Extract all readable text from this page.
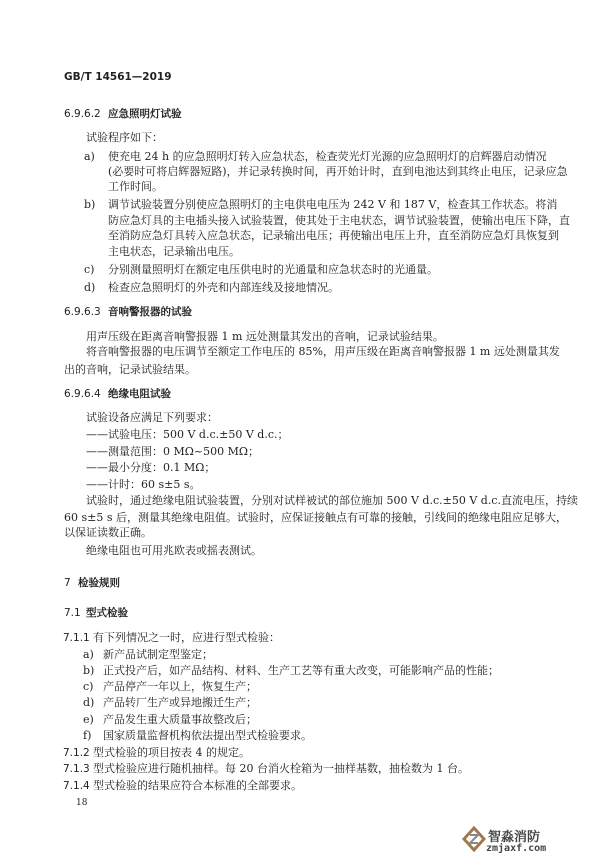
GB/T 14561—2019
6.9.6.2 应急照明灯试验
试验程序如下：
a) 使充电 24 h 的应急照明灯转入应急状态，检查荧光灯光源的应急照明灯的启辉器启动情况
(必要时可将启辉器短路)，并记录转换时间，再开始计时，直到电池达到其终止电压，记录应急
工作时间。
b) 调节试验装置分别使应急照明灯的主电供电电压为 242 V 和 187 V，检查其工作状态。将消
防应急灯具的主电插头接入试验装置，使其处于主电状态，调节试验装置，使输出电压下降，直
至消防应急灯具转入应急状态，记录输出电压；再使输出电压上升，直至消防应急灯具恢复到
主电状态，记录输出电压。
c) 分别测量照明灯在额定电压供电时的光通量和应急状态时的光通量。
d) 检查应急照明灯的外壳和内部连线及接地情况。
6.9.6.3 音响警报器的试验
用声压级在距离音响警报器 1 m 远处测量其发出的音响，记录试验结果。
将音响警报器的电压调节至额定工作电压的 85%，用声压级在距离音响警报器 1 m 远处测量其发
出的音响，记录试验结果。
6.9.6.4 绝缘电阻试验
试验设备应满足下列要求：
——试验电压：500 V d.c.±50 V d.c.；
——测量范围：0 MΩ~500 MΩ；
——最小分度：0.1 MΩ；
——计时：60 s±5 s。
试验时，通过绝缘电阻试验装置，分别对试样被试的部位施加 500 V d.c.±50 V d.c.直流电压，持续
60 s±5 s 后，测量其绝缘电阻值。试验时，应保证接触点有可靠的接触，引线间的绝缘电阻应足够大，
以保证读数正确。
绝缘电阻也可用兆欧表或摇表测试。
7 检验规则
7.1 型式检验
7.1.1 有下列情况之一时，应进行型式检验：
a) 新产品试制定型鉴定；
b) 正式投产后，如产品结构、材料、生产工艺等有重大改变，可能影响产品的性能；
c) 产品停产一年以上，恢复生产；
d) 产品转厂生产或异地搬迁生产；
e) 产品发生重大质量事故整改后；
f) 国家质量监督机构依法提出型式检验要求。
7.1.2 型式检验的项目按表 4 的规定。
7.1.3 型式检验应进行随机抽样。每 20 台消火栓箱为一抽样基数，抽检数为 1 台。
7.1.4 型式检验的结果应符合本标准的全部要求。
18
智淼消防
zmjaxf.com
